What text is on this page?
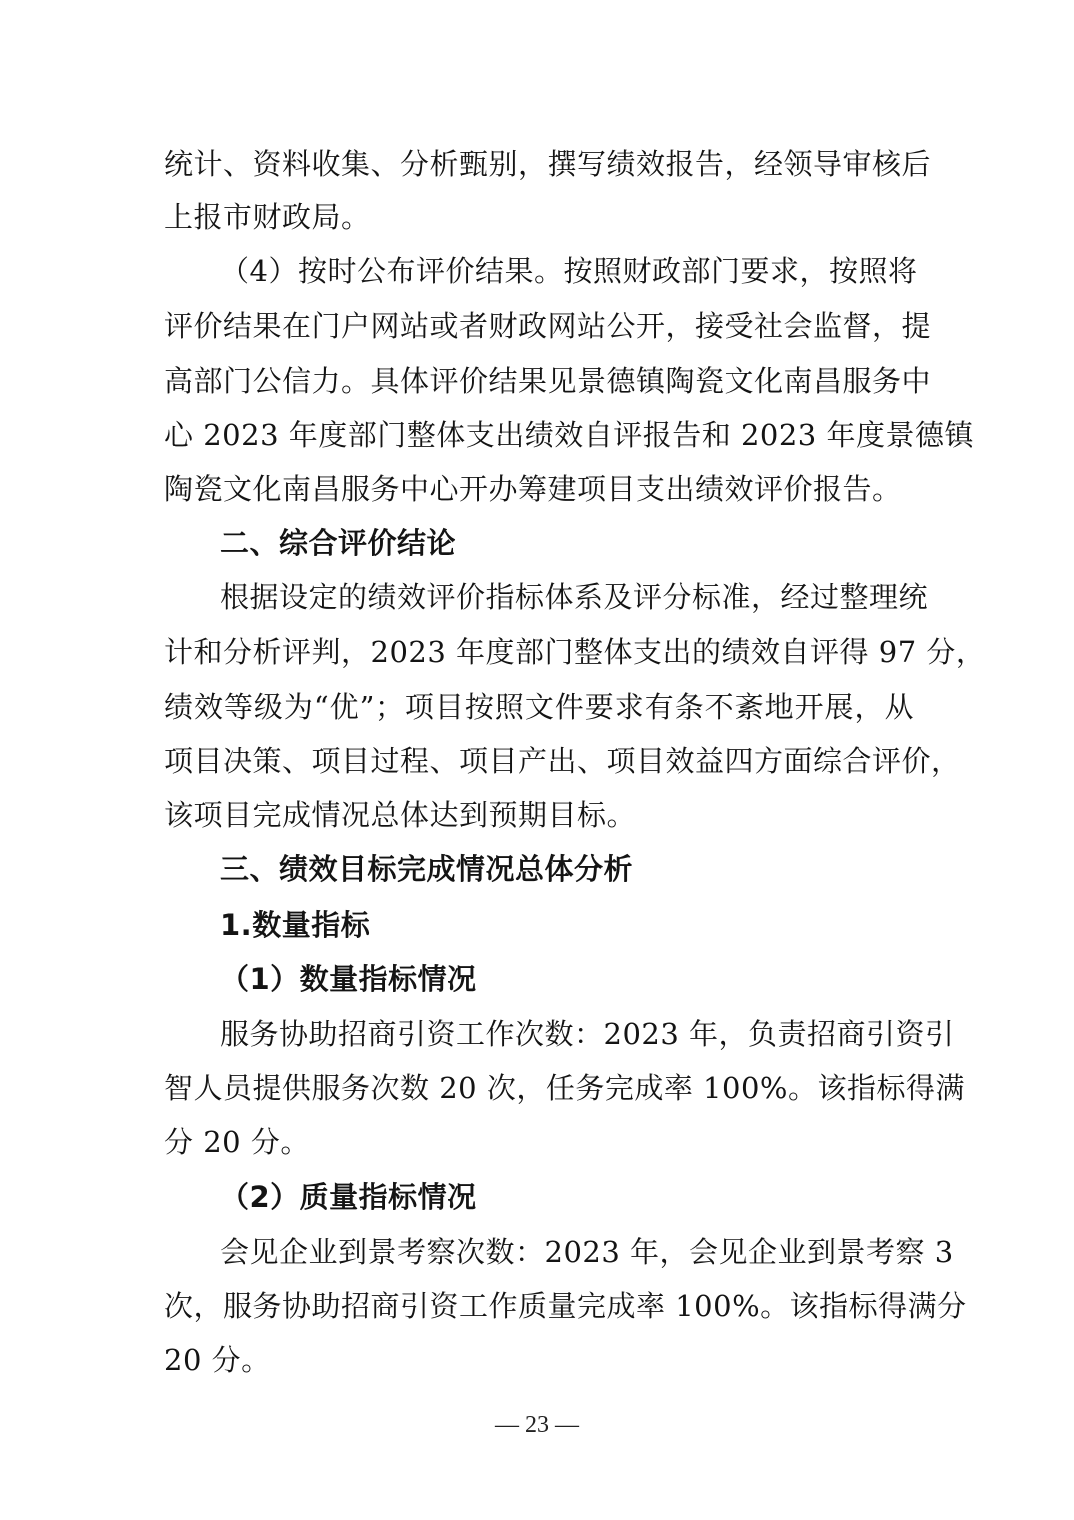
统计、资料收集、分析甄别，撰写绩效报告，经领导审核后
上报市财政局。
（4）按时公布评价结果。按照财政部门要求，按照将
评价结果在门户网站或者财政网站公开，接受社会监督，提
高部门公信力。具体评价结果见景德镇陶瓷文化南昌服务中
心 2023 年度部门整体支出绩效自评报告和 2023 年度景德镇
陶瓷文化南昌服务中心开办筹建项目支出绩效评价报告。
二、综合评价结论
根据设定的绩效评价指标体系及评分标准，经过整理统
计和分析评判，2023 年度部门整体支出的绩效自评得 97 分，
绩效等级为“优”；项目按照文件要求有条不紊地开展，从
项目决策、项目过程、项目产出、项目效益四方面综合评价，
该项目完成情况总体达到预期目标。
三、绩效目标完成情况总体分析
1.数量指标
（1）数量指标情况
服务协助招商引资工作次数：2023 年，负责招商引资引
智人员提供服务次数 20 次，任务完成率 100%。该指标得满
分 20 分。
（2）质量指标情况
会见企业到景考察次数：2023 年，会见企业到景考察 3
次，服务协助招商引资工作质量完成率 100%。该指标得满分
20 分。
— 23 —
